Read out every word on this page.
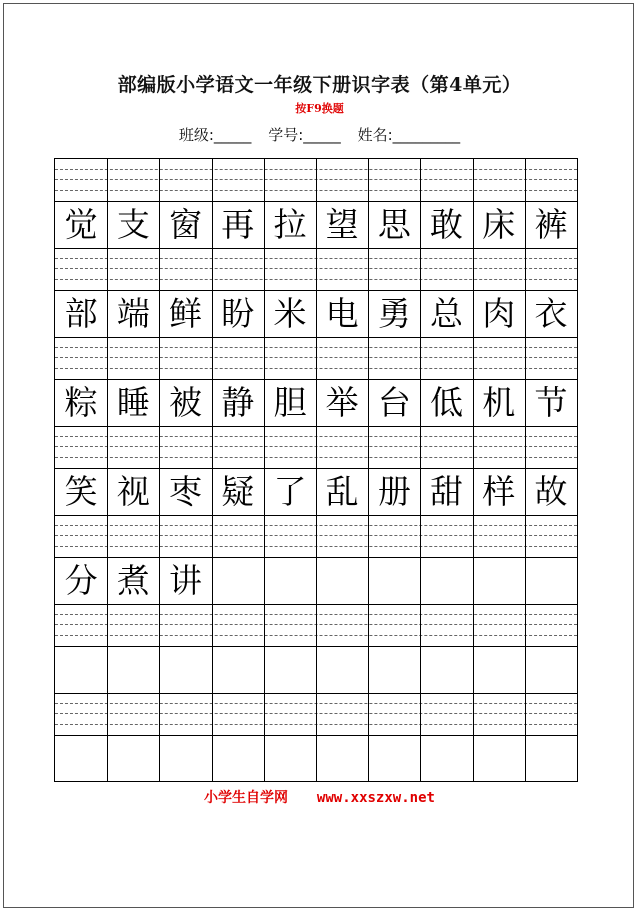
部编版小学语文一年级下册识字表（第4单元）
按F9换题
班级:_____ 学号:_____ 姓名:_________
觉 支 窗 再 拉 望 思 敢 床 裤
部 端 鲜 盼 米 电 勇 总 肉 衣
粽 睡 被 静 胆 举 台 低 机 节
笑 视 枣 疑 了 乱 册 甜 样 故
分 煮 讲
小学生自学网 www.xxszxw.net
